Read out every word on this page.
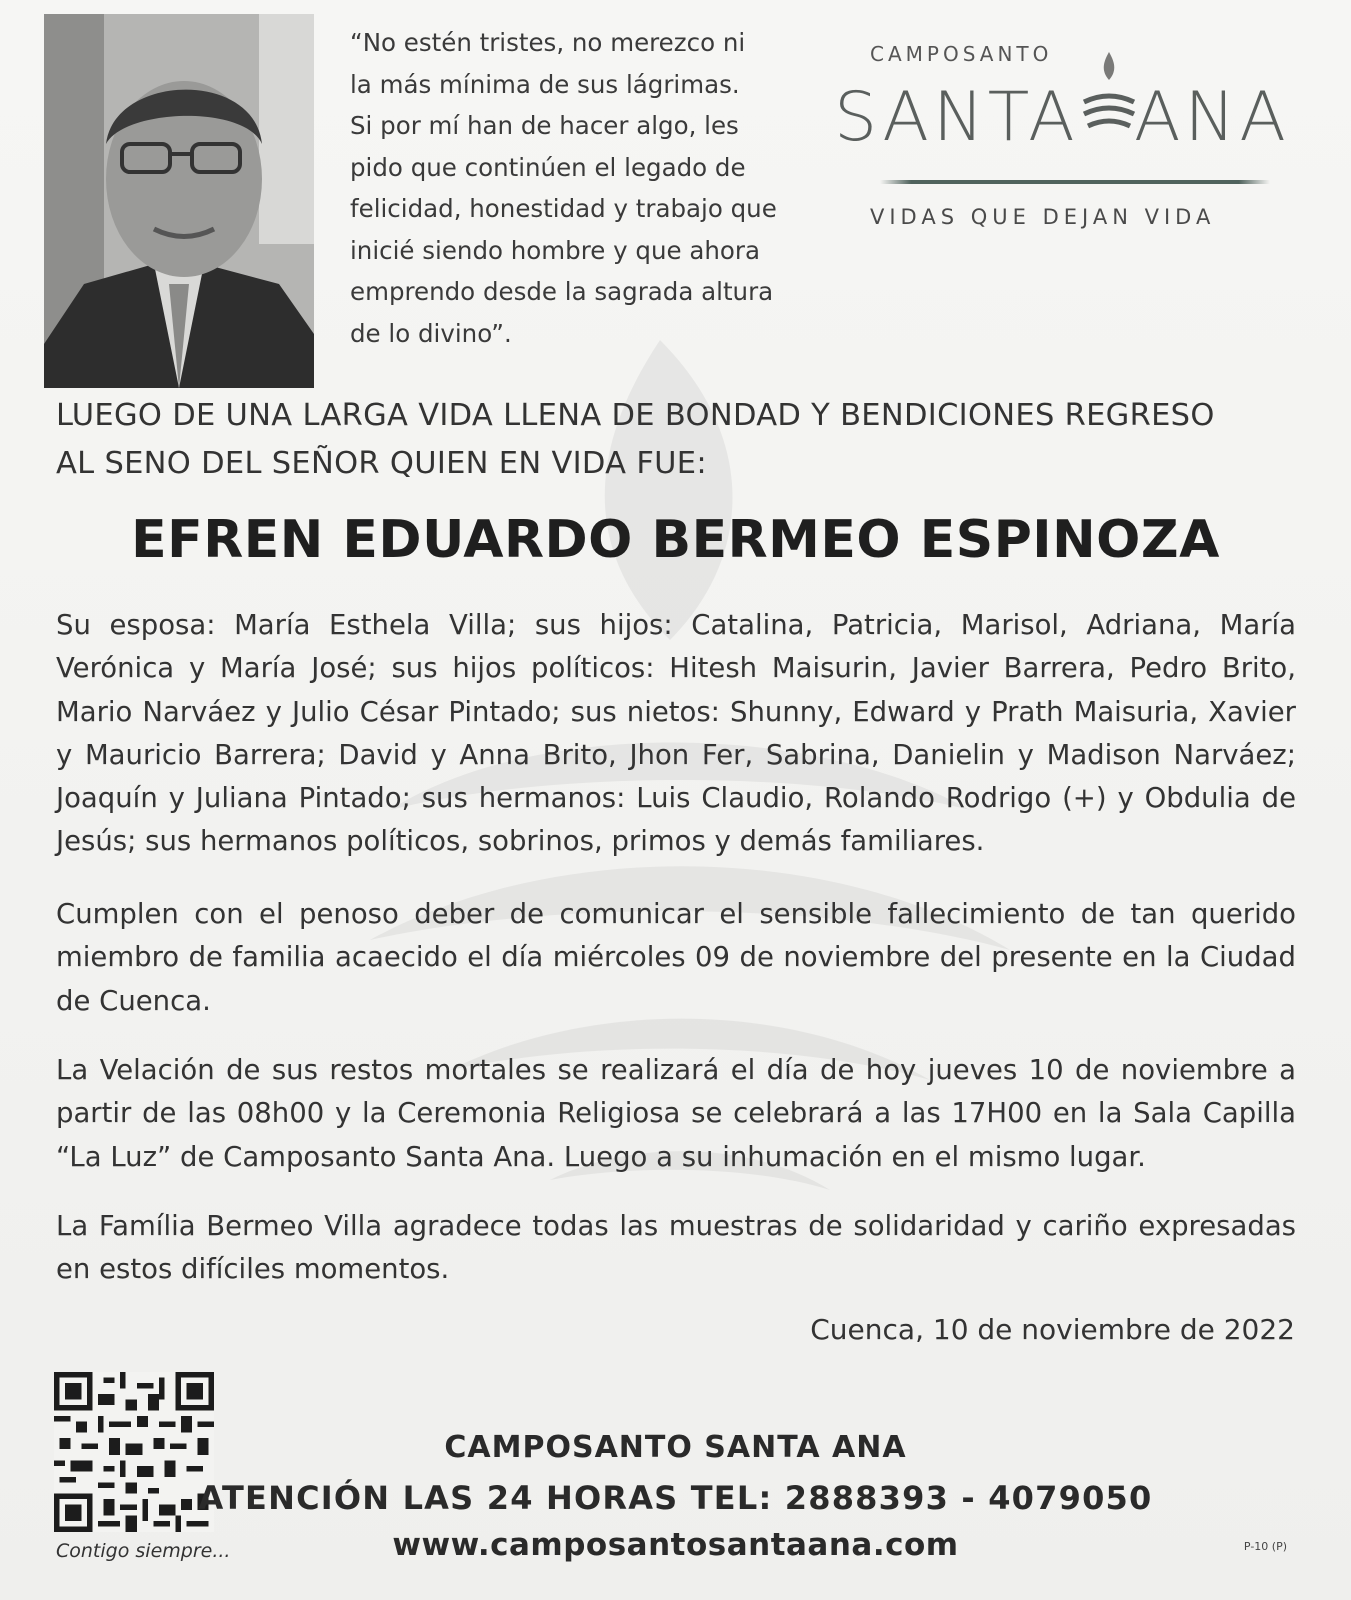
“No estén tristes, no merezco ni
la más mínima de sus lágrimas.
Si por mí han de hacer algo, les
pido que continúen el legado de
felicidad, honestidad y trabajo que
inicié siendo hombre y que ahora
emprendo desde la sagrada altura
de lo divino”.
CAMPOSANTO
SANTA ANA
VIDAS QUE DEJAN VIDA
LUEGO DE UNA LARGA VIDA LLENA DE BONDAD Y BENDICIONES REGRESO
AL SENO DEL SEÑOR QUIEN EN VIDA FUE:
EFREN EDUARDO BERMEO ESPINOZA
Su esposa: María Esthela Villa; sus hijos: Catalina, Patricia, Marisol, Adriana, María Verónica y María José; sus hijos políticos: Hitesh Maisurin, Javier Barrera, Pedro Brito, Mario Narváez y Julio César Pintado; sus nietos: Shunny, Edward y Prath Maisuria, Xavier y Mauricio Barrera; David y Anna Brito, Jhon Fer, Sabrina, Danielin y Madison Narváez; Joaquín y Juliana Pintado; sus hermanos: Luis Claudio, Rolando Rodrigo (+) y Obdulia de Jesús; sus hermanos políticos, sobrinos, primos y demás familiares.
Cumplen con el penoso deber de comunicar el sensible fallecimiento de tan querido miembro de familia acaecido el día miércoles 09 de noviembre del presente en la Ciudad de Cuenca.
La Velación de sus restos mortales se realizará el día de hoy jueves 10 de noviembre a partir de las 08h00 y la Ceremonia Religiosa se celebrará a las 17H00 en la Sala Capilla “La Luz” de Camposanto Santa Ana. Luego a su inhumación en el mismo lugar.
La Família Bermeo Villa agradece todas las muestras de solidaridad y cariño expresadas en estos difíciles momentos.
Cuenca, 10 de noviembre de 2022
Contigo siempre...
CAMPOSANTO SANTA ANA
ATENCIÓN LAS 24 HORAS TEL: 2888393 - 4079050
www.camposantosantaana.com	P-10 (P)
